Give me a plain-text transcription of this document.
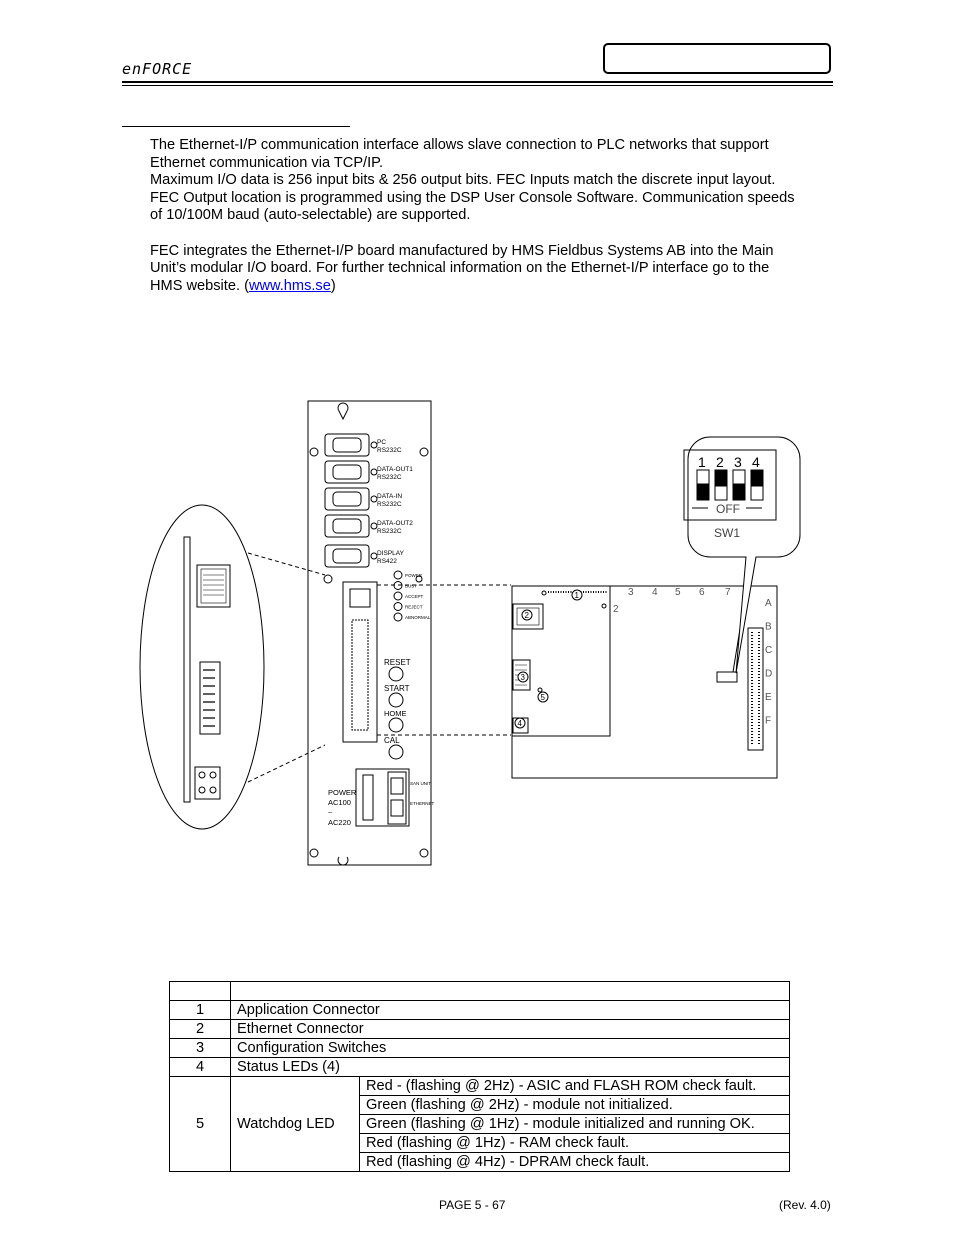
enFORCE

The Ethernet-I/P communication interface allows slave connection to PLC networks that support

Ethernet communication via TCP/IP.

Maximum I/O data is 256 input bits & 256 output bits. FEC Inputs match the discrete input layout.

FEC Output location is programmed using the DSP User Console Software. Communication speeds

of 10/100M baud (auto-selectable) are supported.

FEC integrates the Ethernet-I/P board manufactured by HMS Fieldbus Systems AB into the Main

Unit’s modular I/O board. For further technical information on the Ethernet-I/P interface go to the

HMS website. (www.hms.se)

PC
RS232C
DATA-OUT1
RS232C
DATA-IN
RS232C
DATA-OUT2
RS232C
DISPLAY
RS422
POWER
BUSY
ACCEPT
REJECT
ABNORMAL
RESET
START
HOME
CAL
POWER
AC100
~
AC220
SAN UNIT
ETHERNET
2
3 4 5 6 7
A
B
C
D
E
F
1
2
3
4
5
1 2 3 4
OFF
SW1

1	Application Connector	
2	Ethernet Connector	
3	Configuration Switches	
4	Status LEDs (4)	
5	Watchdog LED	Red - (flashing @ 2Hz) - ASIC and FLASH ROM check fault.
		Green (flashing @ 2Hz) - module not initialized.
		Green (flashing @ 1Hz) - module initialized and running OK.
		Red (flashing @ 1Hz) - RAM check fault.
		Red (flashing @ 4Hz) - DPRAM check fault.
PAGE 5 - 67	(Rev. 4.0)
